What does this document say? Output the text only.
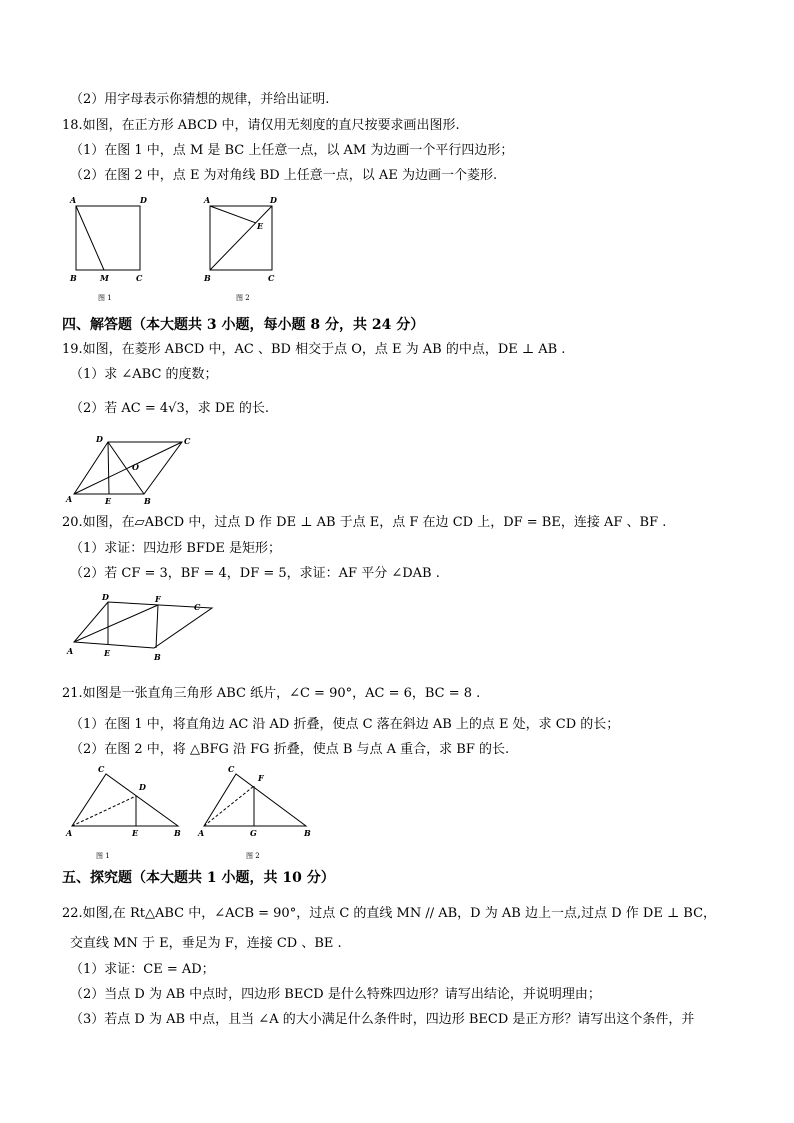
（2）用字母表示你猜想的规律，并给出证明.
18.如图，在正方形 ABCD 中，请仅用无刻度的直尺按要求画出图形.
（1）在图 1 中，点 M 是 BC 上任意一点，以 AM 为边画一个平行四边形；
（2）在图 2 中，点 E 为对角线 BD 上任意一点，以 AE 为边画一个菱形.
A	D
B	M	C
图 1
A	D
E
B	C
图 2
四、解答题（本大题共 3 小题，每小题 8 分，共 24 分）
19.如图，在菱形 ABCD 中，AC 、BD 相交于点 O，点 E 为 AB 的中点，DE ⊥ AB .
（1）求 ∠ABC 的度数；
（2）若 AC = 4√3，求 DE 的长.
D	C
O
A	E	B
20.如图，在▱ABCD 中，过点 D 作 DE ⊥ AB 于点 E，点 F 在边 CD 上，DF = BE，连接 AF 、BF .
（1）求证：四边形 BFDE 是矩形；
（2）若 CF = 3，BF = 4，DF = 5，求证：AF 平分 ∠DAB .
D	F
C
A	E	B
21.如图是一张直角三角形 ABC 纸片，∠C = 90°，AC = 6，BC = 8 .
（1）在图 1 中，将直角边 AC 沿 AD 折叠，使点 C 落在斜边 AB 上的点 E 处，求 CD 的长；
（2）在图 2 中，将 △BFG 沿 FG 折叠，使点 B 与点 A 重合，求 BF 的长.
C
D
A	E	B
图 1
C
F
A	G	B
图 2
五、探究题（本大题共 1 小题，共 10 分）
22.如图,在 Rt△ABC 中，∠ACB = 90°，过点 C 的直线 MN // AB，D 为 AB 边上一点,过点 D 作 DE ⊥ BC，
交直线 MN 于 E，垂足为 F，连接 CD 、BE .
（1）求证：CE = AD；
（2）当点 D 为 AB 中点时，四边形 BECD 是什么特殊四边形？请写出结论，并说明理由；
（3）若点 D 为 AB 中点，且当 ∠A 的大小满足什么条件时，四边形 BECD 是正方形？请写出这个条件，并
